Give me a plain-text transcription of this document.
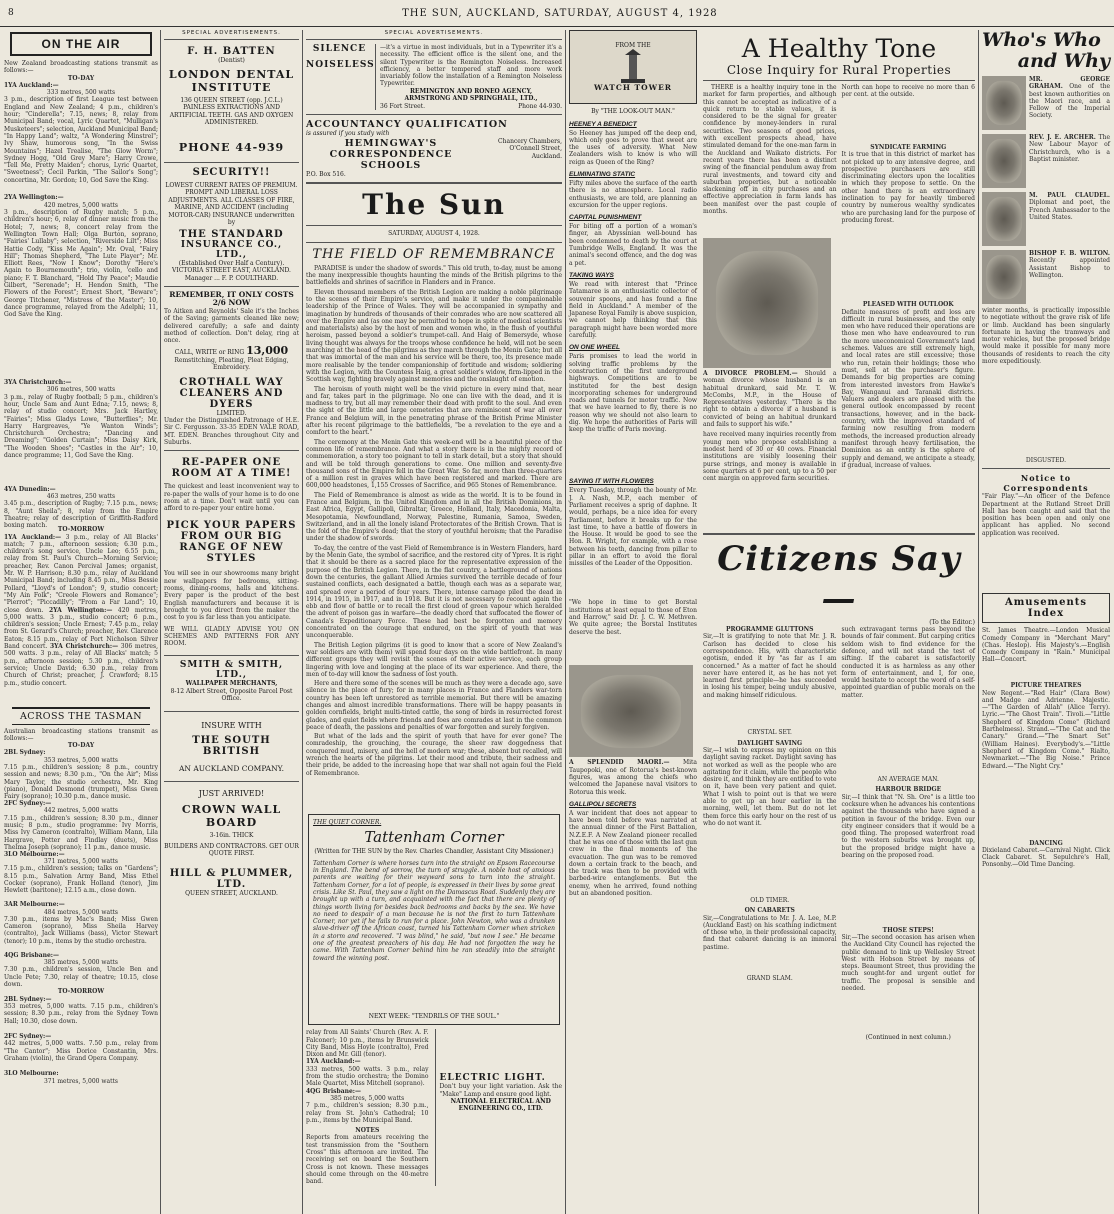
8	THE SUN, AUCKLAND, SATURDAY, AUGUST 4, 1928
ON THE AIR
New Zealand broadcasting stations transmit as follows:—
TO-DAY
1YA Auckland:—
333 metres, 500 watts
3 p.m., description of first League test between England and New Zealand; 4 p.m., children's hour; "Cinderella"; 7.15, news; 8, relay from Municipal Band; vocal, Lyric Quartet, "Mulligan's Musketeers"; selection, Auckland Municipal Band; "In Happy Land"; waltz, "A Wondering Minstrel"; Ivy Shaw, humorous song, "In the Swiss Mountains"; Hazel Trealise, "The Glow Worm"; Sydney Hogg, "Old Grey Mare"; Harry Crowe, "Tell Me, Pretty Maiden"; chorus, Lyric Quartet, "Sweetness"; Cecil Parkin, "The Sailor's Song"; concertina, Mr. Gordon; 10, God Save the King.
2YA Wellington:—
420 metres, 5,000 watts
3 p.m., description of Rugby match; 5 p.m., children's hour; 6, relay of dinner music from the Hotel; 7, news; 8, concert relay from the Wellington Town Hall; Olga Burton, soprano, "Fairies' Lullaby"; selection, "Riverside Lilt"; Miss Hattie Cody, "Kiss Me Again"; Mr. Oval, "Fairy Hill"; Thomas Shepherd, "The Lute Player"; Mr. Elliott Rees, "Now I Know"; Dorothy "Here's Again to Bournemouth"; trio, violin, 'cello and piano; F. T. Blanchard, "Hold Thy Peace"; Maudie Gilbert, "Serenade"; H. Hendon Smith, "The Flowers of the Forest"; Ernest Short, "Beware"; George Titchener, "Mistress of the Master"; 10, dance programme, relayed from the Adelphi; 11, God Save the King.
3YA Christchurch:—
306 metres, 500 watts
3 p.m., relay of Rugby football; 5 p.m., children's hour, Uncle Sam and Aunt Edna; 7.15, news; 8, relay of studio concert; Mrs. Jack Hartley, "Fairies"; Miss Gladys Lowe, "Butterflies"; Mr. Harry Hargreaves, "Ye Wanton Winds"; Christchurch Orchestra; "Dancing and Dreaming"; "Golden Curtain"; Miss Daisy Kirk, "The Wooden Shoes"; "Castles in the Air"; 10, dance programme; 11, God Save the King.
4YA Dunedin:—
463 metres, 250 watts
3.45 p.m., description of Rugby; 7.15 p.m., news; 8, "Aunt Sheila"; 8, relay from the Empire Theatre; relay of description of Griffith-Radford boxing match.
TO-MORROW
1YA Auckland:— 3 p.m., relay of All Blacks' match; 7 p.m., afternoon session; 6.30 p.m., children's song service, Uncle Leo; 6.55 p.m., relay from St. Paul's Church—Morning Service; preacher, Rev. Canon Percival James; organist, Mr. W. P. Harrison; 8.30 p.m., relay of Auckland Municipal Band; including 8.45 p.m., Miss Bessie Pollard, "Lloyd's of London"; 9, studio concert; "My Ain Folk"; "Creole Flowers and Romance"; "Pierrot"; "Piccadilly"; "From a Far Land"; 10, close down. 2YA Wellington:— 420 metres, 5,000 watts. 3 p.m., studio concert; 6 p.m., children's session; Uncle Ernest; 7.45 p.m., relay from St. Gerard's Church; preacher, Rev. Clarence Eaton; 8.15 p.m., relay of Port Nicholson Silver Band concert. 3YA Christchurch:— 306 metres, 500 watts. 3 p.m., relay of All Blacks' match; 5 p.m., afternoon session; 5.30 p.m., children's service; Uncle David; 6.30 p.m., relay from Church of Christ; preacher, J. Crawford; 8.15 p.m., studio concert.
ACROSS THE TASMAN
Australian broadcasting stations transmit as follows:—
TO-DAY
2BL Sydney:
353 metres, 5,000 watts
7.15 p.m., children's session; 8 p.m., country session and news; 8.30 p.m., "On the Air"; Miss Mary Taylor, the studio orchestra, Mr. King (piano), Donald Desmond (trumpet), Miss Gwen Fairy (soprano); 10.30 p.m., dance music.
2FC Sydney:—
442 metres, 5,000 watts
7.15 p.m., children's session; 8.30 p.m., dinner music; 8 p.m., studio programme: Ivy Morris, Miss Ivy Cameron (contralto), William Mann, Lila Hargrave, Potter and Findlay (duets), Miss Thelma Joseph (soprano); 11 p.m., dance music.
3LO Melbourne:—
371 metres, 5,000 watts
7.15 p.m., children's session; talks on "Gardens"; 8.15 p.m., Salvation Army Band, Miss Ethel Cocker (soprano), Frank Holland (tenor), Jim Hewlett (baritone); 12.15 a.m., close down.
3AR Melbourne:—
484 metres, 5,000 watts
7.30 p.m., items by Mac's Band; Miss Gwen Cameron (soprano), Miss Sheila Harvey (contralto), Jack Williams (bass), Victor Stewart (tenor); 10 p.m., items by the studio orchestra.
4QG Brisbane:—
385 metres, 5,000 watts
7.30 p.m., children's session, Uncle Ben and Uncle Pete; 7.30, relay of theatre; 10.15, close down.
TO-MORROW
2BL Sydney:—
353 metres, 5,000 watts. 7.15 p.m., children's session; 8.30 p.m., relay from the Sydney Town Hall; 10.30, close down.
2FC Sydney:—
442 metres, 5,000 watts. 7.50 p.m., relay from "The Cantor"; Miss Dorice Constantin, Mrs. Graham (violin), the Grand Opera Company.
3LO Melbourne:
371 metres, 5,000 watts
SPECIAL ADVERTISEMENTS.
F. H. BATTEN
(Dentist)
LONDON DENTAL INSTITUTE
136 QUEEN STREET (opp. J.C.L.) PAINLESS EXTRACTIONS AND ARTIFICIAL TEETH. GAS AND OXYGEN ADMINISTERED.
PHONE 44-939
SECURITY!!
LOWEST CURRENT RATES OF PREMIUM. PROMPT AND LIBERAL LOSS ADJUSTMENTS. ALL CLASSES OF FIRE, MARINE, AND ACCIDENT (including MOTOR-CAR) INSURANCE underwritten by
THE STANDARD
INSURANCE CO., LTD.,
(Established Over Half a Century). VICTORIA STREET EAST, AUCKLAND. Manager ... F. P. COULTHARD.
REMEMBER, IT ONLY COSTS 2/6 NOW
To Aitken and Reynolds' Sale it's the Inches of the Saving; garments cleaned like new; delivered carefully; a safe and dainty method of collection. Don't delay, ring at once.
CALL, WRITE or RING 13,000
Remstitching, Pleating, Pleat Edging, Embroidery.
CROTHALL WAY CLEANERS AND DYERS
LIMITED.
Under the Distinguished Patronage of H.E. Sir C. Fergusson. 33-35 EDEN VALE ROAD, MT. EDEN. Branches throughout City and Suburbs.
RE-PAPER ONE ROOM AT A TIME!
The quickest and least inconvenient way to re-paper the walls of your home is to do one room at a time. Don't wait until you can afford to re-paper your entire home.
PICK YOUR PAPERS FROM OUR BIG RANGE OF NEW STYLES
You will see in our showrooms many bright new wallpapers for bedrooms, sitting-rooms, dining-rooms, halls and kitchens. Every paper is the product of the best English manufacturers and because it is brought to you direct from the maker the cost to you is far less than you anticipate.
WE WILL GLADLY ADVISE YOU ON SCHEMES AND PATTERNS FOR ANY ROOM.
SMITH & SMITH, LTD.,
WALLPAPER MERCHANTS,
8-12 Albert Street, Opposite Parcel Post Office.
INSURE WITH
THE SOUTH BRITISH
AN AUCKLAND COMPANY.
JUST ARRIVED!
CROWN WALL BOARD
3-16in. THICK
BUILDERS AND CONTRACTORS. GET OUR QUOTE FIRST.
HILL & PLUMMER, LTD.
QUEEN STREET, AUCKLAND.
SPECIAL ADVERTISEMENTS.
SILENCE
NOISELESS
—it's a virtue in most individuals, but in a Typewriter it's a necessity. The efficient office is the silent one, and the silent Typewriter is the Remington Noiseless. Increased efficiency, a better tempered staff and more work invariably follow the installation of a Remington Noiseless Typewriter.
REMINGTON AND RONEO AGENCY,
ARMSTRONG AND SPRINGHALL, LTD.,
36 Fort Street.	Phone 44-930.
ACCOUNTANCY QUALIFICATION
is assured if you study with
HEMINGWAY'S CORRESPONDENCE SCHOOLS
P.O. Box 516.
Chancery Chambers, O'Connell Street, Auckland.
The Sun
SATURDAY, AUGUST 4, 1928.
THE FIELD OF REMEMBRANCE

PARADISE is under the shadow of swords." This old truth, to-day, must be among the many inexpressible thoughts haunting the minds of the British pilgrims to the battlefields and shrines of sacrifice in Flanders and in France.

Eleven thousand members of the British Legion are making a noble pilgrimage to the scenes of their Empire's service, and make it under the companionable leadership of the Prince of Wales. They will be accompanied in sympathy and imagination by hundreds of thousands of their comrades who are now scattered all over the Empire and (as one may be permitted to hope in spite of medical scientists and materialists) also by the host of men and women who, in the flush of youthful heroism, passed beyond a soldier's trumpet-call. And Haig of Bemersyde, whose living thought was always for the troops whose confidence he held, will not be seen marching at the head of the pilgrims as they march through the Menin Gate; but all that was immortal of the man and his service will be there, too, its presence made more realisable by the tender companionship of fortitude and wisdom; soldiering with the Legion, with the Countess Haig, a great soldier's widow, firm-lipped in the Scottish way, fighting bravely against memories and the onslaught of emotion.

The heroism of youth might well be the vivid picture in every mind that, near and far, takes part in the pilgrimage. No one can live with the dead, and it is madness to try, but all may remember their dead with profit to the soul. And even the sight of the little and large cemeteries that are reminiscent of war all over France and Belgium will, in the penetrating phrase of the British Prime Minister after his recent pilgrimage to the battlefields, "be a revelation to the eye and a comfort to the heart."

The ceremony at the Menin Gate this week-end will be a beautiful piece of the common life of remembrance. And what a story there is in the mighty record of commemoration, a story too poignant to tell in stark detail, but a story that should and will be told through generations to come. One million and seventy-five thousand sons of the Empire fell in the Great War. So far, more than three-quarters of a million rest in graves which have been registered and marked. There are 600,000 headstones, 1,155 Crosses of Sacrifice, and 965 Stones of Remembrance.

The Field of Remembrance is almost as wide as the world. It is to be found in France and Belgium, in the United Kingdom and in all the British Dominions, in East Africa, Egypt, Gallipoli, Gibraltar, Greece, Holland, Italy, Macedonia, Malta, Mesopotamia, Newfoundland, Norway, Palestine, Rumania, Samoa, Sweden, Switzerland, and in all the lonely island Protectorates of the British Crown. That is the fold of the Empire's dead; that the story of youthful heroism; that the Paradise under the shadow of swords.

To-day, the centre of the vast Field of Remembrance is in Western Flanders, hard by the Menin Gate, the symbol of sacrifice, and the restored city of Ypres. It is right that it should be there as a sacred place for the representative expression of the purpose of the British Legion. There, in the flat country, a battleground of nations down the centuries, the gallant Allied Armies survived the terrible decade of four sustained conflicts, each designated a battle, though each was as a separate war, and spread over a period of four years. There, intense carnage piled the dead in 1914, in 1915, in 1917, and in 1918. But it is not necessary to recount again the ebb and flow of battle or to recall the first cloud of green vapour which heralded the advent of poison gas in warfare—the deadly chord that suffocated the flower of Canada's Expeditionary Force. These had best be forgotten and memory concentrated on the courage that endured, on the spirit of youth that was unconquerable.

The British Legion pilgrims (it is good to know that a score of New Zealand's war soldiers are with them) will spend four days on the wide battlefront. In many different groups they will revisit the scenes of their active service, each group lingering with love and longing at the place of its war experience. And there, the men of to-day will know the sadness of lost youth.

Here and there some of the scenes will be much as they were a decade ago, save silence in the place of fury; for in many places in France and Flanders war-torn country has been left unrestored as terrible memorial. But there will be amazing changes and almost incredible transformations. There will be happy peasants in golden cornfields, bright multi-tinted cattle, the song of birds in resurrected forest glades, and quiet fields where friends and foes are comrades at last in the common peace of death, the passions and penalties of war forgotten and surely forgiven.

But what of the lads and the spirit of youth that have for ever gone? The comradeship, the grouching, the courage, the sheer raw doggedness that conquered mud, misery, and the hell of modern war; these, absent but recalled, will wrench the hearts of the pilgrims. Let their mood and tribute, their sadness and their pride, be added to the increasing hope that war shall not again foul the Field of Remembrance.

THE QUIET CORNER.
Tattenham Corner
(Written for THE SUN by the Rev. Charles Chandler, Assistant City Missioner.)
Tattenham Corner is where horses turn into the straight on Epsom Racecourse in England. The bend of sorrow, the turn of struggle. A noble host of anxious parents are waiting for their wayward sons to turn into the straight. Tattenham Corner, for a lot of people, is expressed in their lives by some great crisis. Like St. Paul, they saw a light on the Damascus Road. Suddenly they are brought up with a turn, and acquainted with the fact that there are plenty of things worth living for besides back bedrooms and backs by the sea. We have no need to despair of a man because he is not the first to turn Tattenham Corner, nor yet if he fails to run for a place. John Newton, who was a drunken slave-driver off the African coast, turned his Tattenham Corner when stricken in a storm and recovered. "I was blind," he said, "but now I see." He became one of the greatest preachers of his day. He had not forgotten the way he came. With Tattenham Corner behind him he ran steadily into the straight toward the winning post.
NEXT WEEK: "TENDRILS OF THE SOUL."
relay from All Saints' Church (Rev. A. F. Falconer); 10 p.m., items by Brunswick City Band, Miss Hoyle (contralto), Fred Dixon and Mr. Gill (tenor).
1YA Auckland:—
333 metres, 500 watts. 3 p.m., relay from the studio orchestra; the Domino Male Quartet, Miss Mitchell (soprano).
4QG Brisbane:—
385 metres, 5,000 watts
7 p.m., children's session; 8.30 p.m., relay from St. John's Cathedral; 10 p.m., items by the Municipal Band.
NOTES
Reports from amateurs receiving the test transmission from the "Southern Cross" this afternoon are invited. The receiving set on board the Southern Cross is not known. These messages should come through on the 40-metre band.
ELECTRIC LIGHT.
Don't buy your light variation. Ask the "Make" Lamp and ensure good light.
NATIONAL ELECTRICAL AND ENGINEERING CO., LTD.
FROM THE
WATCH TOWER
By "THE LOOK-OUT MAN."
HEENEY A BENEDICT
So Heeney has jumped off the deep end, which only goes to prove that sweet are the uses of adversity. What New Zealanders wish to know is who will reign as Queen of the Ring?
ELIMINATING STATIC
Fifty miles above the surface of the earth there is no atmosphere. Local radio enthusiasts, we are told, are planning an excursion for the upper regions.
CAPITAL PUNISHMENT
For biting off a portion of a woman's finger, an Abyssinian well-bound has been condemned to death by the court at Tumbridge Wells, England. It was the animal's second offence, and the dog was a pet.
TAKING WAYS
We read with interest that "Prince Tatamaree is an enthusiastic collector of souvenir spoons, and has found a fine field in Auckland." A member of the Japanese Royal Family is above suspicion, we cannot help thinking that this paragraph might have been worded more carefully.
ON ONE WHEEL
Paris promises to lead the world in solving traffic problems by the construction of the first underground highways. Competitions are to be instituted for the best design incorporating schemes for underground roads and tunnels for motor traffic. Now that we have learned to fly, there is no reason why we should not also learn to dig. We hope the authorities of Paris will keep the traffic of Paris moving.
SAYING IT WITH FLOWERS
Every Tuesday, through the bounty of Mr. J. A. Nash, M.P., each member of Parliament receives a sprig of daphne. It would, perhaps, be a nice idea for every Parliament, before it breaks up for the last time, to have a battle of flowers in the House. It would be good to see the Hon. R. Wright, for example, with a rose between his teeth, dancing from pillar to pillar in an effort to avoid the floral missiles of the Leader of the Opposition.
"We hope in time to get Borstal institutions at least equal to those of Eton and Harrow," said Dr. J. C. W. Methven. We quite agree; the Borstal Institutes deserve the best.
A SPLENDID MAORI.— Mita Taupopoki, one of Rotorua's best-known figures, was among the chiefs who welcomed the Japanese naval visitors to Rotorua this week.
GALLIPOLI SECRETS
A war incident that does not appear to have been told before was narrated at the annual dinner of the First Battalion, N.Z.E.F. A New Zealand pioneer recalled that he was one of those with the last gun crew in the final moments of the evacuation. The gun was to be removed down a certain track to the beach, and the track was then to be provided with barbed-wire entanglements. But the enemy, when he arrived, found nothing but an abandoned position.
A Healthy Tone
Close Inquiry for Rural Properties
THERE is a healthy inquiry tone in the market for farm properties, and although this cannot be accepted as indicative of a quick return to stable values, it is considered to be the signal for greater confidence by money-lenders in rural securities. Two seasons of good prices, with excellent prospects ahead, have stimulated demand for the one-man farm in the Auckland and Waikato districts. For recent years there has been a distinct swing of the financial pendulum away from rural investments, and toward city and suburban properties, but a noticeable slackening off in city purchases and an effective appreciation in farm lands has been manifest over the past couple of months.
A DIVORCE PROBLEM.— Should a woman divorce whose husband is an habitual drunkard, said Mr. T. W. McCombs, M.P., in the House of Representatives yesterday. "There is the right to obtain a divorce if a husband is convicted of being an habitual drunkard and fails to support his wife."
have received many inquiries recently from young men who propose establishing a modest herd of 30 or 40 cows. Financial institutions are visibly loosening their purse strings, and money is available in some quarters at 6 per cent, up to a 50 per cent margin on approved farm securities.
North can hope to receive no more than 6 per cent. at the outside.
SYNDICATE FARMING
It is true that in this district of market has not picked up to any intensive degree, and prospective purchasers are still discriminating electors upon the localities in which they propose to settle. On the other hand there is an extraordinary inclination to pay for heavily timbered country by numerous wealthy syndicates who are purchasing land for the purpose of producing forest.
PLEASED WITH OUTLOOK
Definite measures of profit and loss are difficult in rural businesses, and the only men who have reduced their operations are those men who have endeavoured to run the more uneconomical Government's land schemes. Values are still extremely high, and local rates are still excessive; those who run, retain their holdings; those who must, sell at the purchaser's figure. Demands for big properties are coming from interested investors from Hawke's Bay, Wanganui and Taranaki districts. Valuers and dealers are pleased with the general outlook encompassed by recent transactions, however, and in the back-country, with the improved standard of farming now resulting from modern methods, the increased production already manifest through heavy fertilisation, the Dominion as an entity is the sphere of supply and demand, we anticipate a steady, if gradual, increase of values.
Citizens Say—
(To the Editor.)
PROGRAMME GLUTTONS
Sir,—It is gratifying to note that Mr. J. R. Carlson has decided to close his correspondence. His, with characteristic egotism, ended it by "as far as I am concerned." As a matter of fact he should never have entered it, as he has not yet learned first principle—he has succeeded in losing his temper, being unduly abusive, and making himself ridiculous.
CRYSTAL SET.
DAYLIGHT SAVING
Sir,—I wish to express my opinion on this daylight saving racket. Daylight saving has not worked as well as the people who are agitating for it claim, while the people who desire it, and think they are entitled to vote on it, have been very patient and quiet. What I wish to point out is that we were able to get up an hour earlier in the morning, well, let them. But do not let them force this early hour on the rest of us who do not want it.
OLD TIMER.
ON CABARETS
Sir,—Congratulations to Mr. J. A. Lee, M.P. (Auckland East) on his scathing indictment of those who, in their professional capacity, find that cabaret dancing is an immoral pastime.
GRAND SLAM.
such extravagant terms pass beyond the bounds of fair comment. But carping critics seldom wish to find evidence for the defence, and will not stand the test of sifting. If the cabaret is satisfactorily conducted it is as harmless as any other form of entertainment, and I, for one, would hesitate to accept the word of a self-appointed guardian of public morals on the matter.
AN AVERAGE MAN.
HARBOUR BRIDGE
Sir,—I think that "N. Sh. Ore" is a little too cocksure when he advances his contentions against the thousands who have signed a petition in favour of the bridge. Even our city engineer considers that it would be a good thing. The proposed waterfront road to the western suburbs was brought up, but the proposed bridge might have a bearing on the proposed road.
THOSE STEPS!
Sir,—The second occasion has arisen when the Auckland City Council has rejected the public demand to link up Wellesley Street West with Hobson Street by means of steps. Beaumont Street, thus providing the much sought-for and urgent outlet for traffic. The proposal is sensible and needed.
(Continued in next column.)
Who's Who
and Why
MR. GEORGE GRAHAM. One of the best known authorities on the Maori race, and a Fellow of the Imperial Society.
REV. J. E. ARCHER. The New Labour Mayor of Christchurch, who is a Baptist minister.
M. PAUL CLAUDEL. Diplomat and poet, the French Ambassador to the United States.
BISHOP F. B. WILTON. Recently appointed Assistant Bishop to Wellington.
winter months, is practically impossible to negotiate without the grave risk of life or limb. Auckland has been singularly fortunate in having the tramways and motor vehicles, but the proposed bridge would make it possible for many more thousands of residents to reach the city more expeditiously.
DISGUSTED.
Notice to Correspondents
"Fair Play."—An officer of the Defence Department at the Rutland Street Drill Hall has been caught and said that the position has been open and only one applicant has applied. No second application was received.
Amusements Index
St. James Theatre.—London Musical Comedy Company in "Merchant Mary" (Chas. Heslop). His Majesty's.—English Comedy Company in "Rain." Municipal Hall—Concert.
PICTURE THEATRES
New Regent.—"Red Hair" (Clara Bow) and Madge and Adrienne. Majestic.—"The Garden of Allah" (Alice Terry). Lyric.—"The Ghost Train". Tivoli.—"Little Shepherd of Kingdom Come" (Richard Barthelmess). Strand.—"The Cat and the Canary." Grand.—"The Smart Set" (William Haines). Everybody's.—"Little Shepherd of Kingdom Come." Rialto, Newmarket.—"The Big Noise." Prince Edward.—"The Night Cry."
DANCING
Dixieland Cabaret.—Carnival Night. Click Clack Cabaret. St. Sepulchre's Hall, Ponsonby.—Old Time Dancing.
